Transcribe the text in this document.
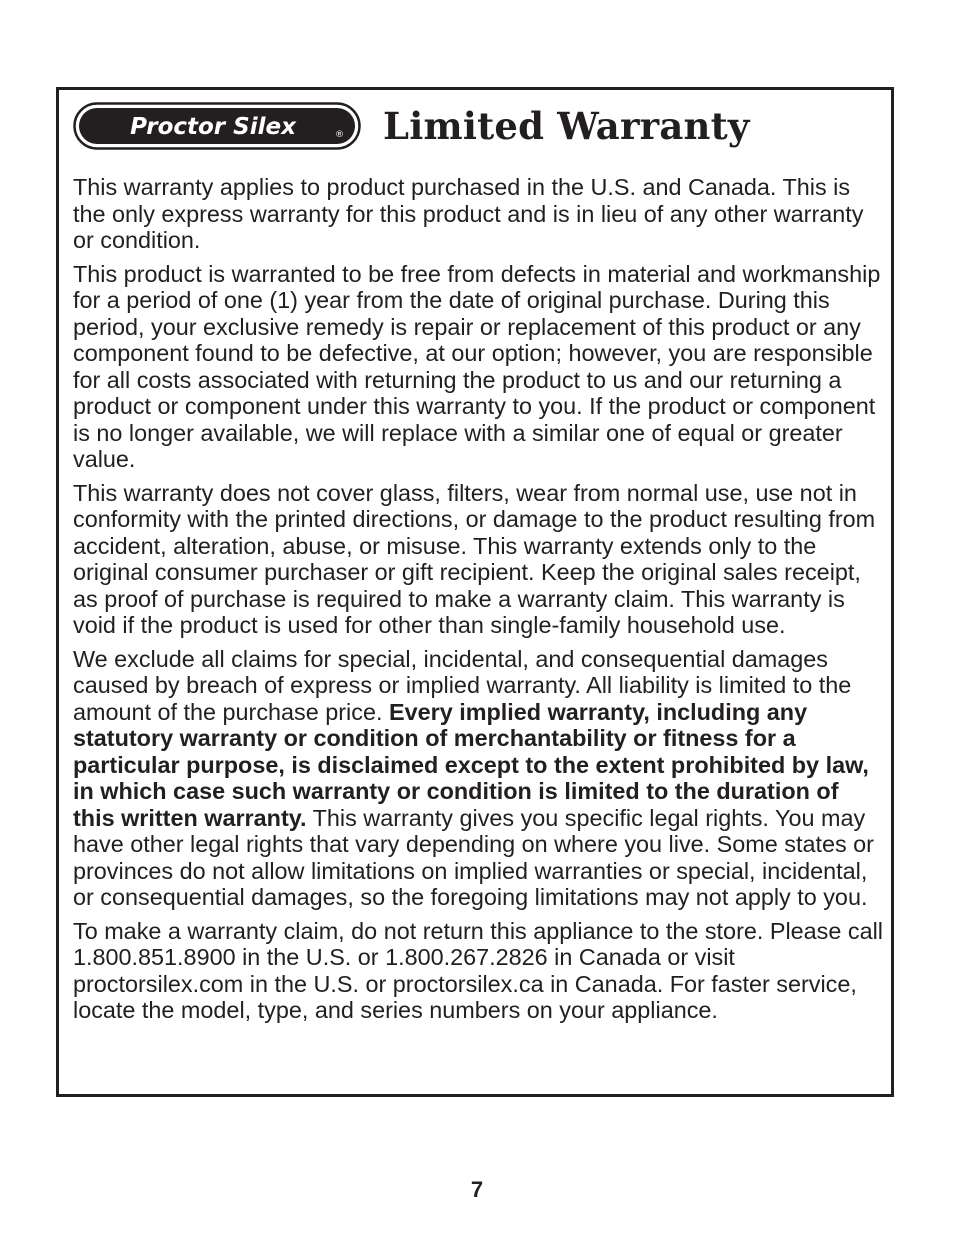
Proctor Silex	® Limited Warranty

This warranty applies to product purchased in the U.S. and Canada. This is the only express warranty for this product and is in lieu of any other warranty or condition.

This product is warranted to be free from defects in material and workmanship for a period of one (1) year from the date of original purchase. During this period, your exclusive remedy is repair or replacement of this product or any component found to be defective, at our option; however, you are responsible for all costs associated with returning the product to us and our returning a product or component under this warranty to you. If the product or component is no longer available, we will replace with a similar one of equal or greater value.

This warranty does not cover glass, filters, wear from normal use, use not in conformity with the printed directions, or damage to the product resulting from accident, alteration, abuse, or misuse. This warranty extends only to the original consumer purchaser or gift recipient. Keep the original sales receipt, as proof of purchase is required to make a warranty claim. This warranty is void if the product is used for other than single-family household use.

We exclude all claims for special, incidental, and consequential damages caused by breach of express or implied warranty. All liability is limited to the amount of the purchase price. Every implied warranty, including any statutory warranty or condition of merchantability or fitness for a particular purpose, is disclaimed except to the extent prohibited by law, in which case such warranty or condition is limited to the duration of this written warranty. This warranty gives you specific legal rights. You may have other legal rights that vary depending on where you live. Some states or provinces do not allow limitations on implied warranties or special, incidental, or consequential damages, so the foregoing limitations may not apply to you.

To make a warranty claim, do not return this appliance to the store. Please call 1.800.851.8900 in the U.S. or 1.800.267.2826 in Canada or visit proctorsilex.com in the U.S. or proctorsilex.ca in Canada. For faster service, locate the model, type, and series numbers on your appliance.

7
